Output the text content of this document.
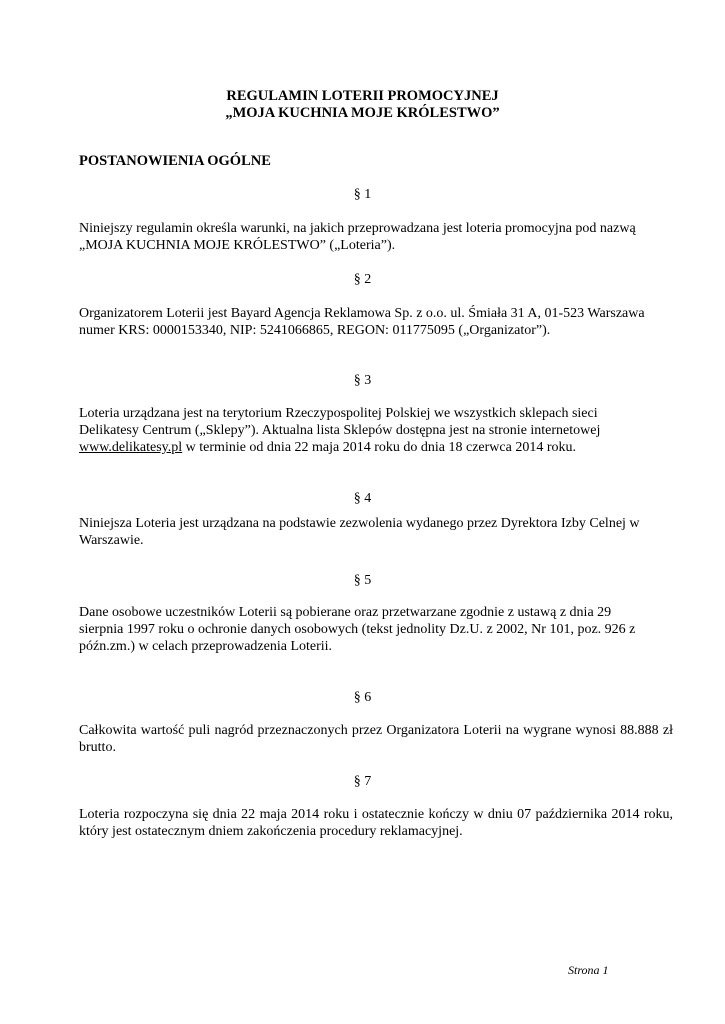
REGULAMIN LOTERII PROMOCYJNEJ
„MOJA KUCHNIA MOJE KRÓLESTWO”
POSTANOWIENIA OGÓLNE
§ 1

Niniejszy regulamin określa warunki, na jakich przeprowadzana jest loteria promocyjna pod nazwą

„MOJA KUCHNIA MOJE KRÓLESTWO” („Loteria”).

§ 2

Organizatorem Loterii jest Bayard Agencja Reklamowa Sp. z o.o. ul. Śmiała 31 A, 01-523 Warszawa

numer KRS: 0000153340, NIP: 5241066865, REGON: 011775095 („Organizator”).

§ 3

Loteria urządzana jest na terytorium Rzeczypospolitej Polskiej we wszystkich sklepach sieci

Delikatesy Centrum („Sklepy”). Aktualna lista Sklepów dostępna jest na stronie internetowej

www.delikatesy.pl w terminie od dnia 22 maja 2014 roku do dnia 18 czerwca 2014 roku.

§ 4

Niniejsza Loteria jest urządzana na podstawie zezwolenia wydanego przez Dyrektora Izby Celnej w

Warszawie.

§ 5

Dane osobowe uczestników Loterii są pobierane oraz przetwarzane zgodnie z ustawą z dnia 29

sierpnia 1997 roku o ochronie danych osobowych (tekst jednolity Dz.U. z 2002, Nr 101, poz. 926 z

późn.zm.) w celach przeprowadzenia Loterii.

§ 6

Całkowita wartość puli nagród przeznaczonych przez Organizatora Loterii na wygrane wynosi 88.888 zł brutto.

§ 7

Loteria rozpoczyna się dnia 22 maja 2014 roku i ostatecznie kończy w dniu 07 października 2014 roku, który jest ostatecznym dniem zakończenia procedury reklamacyjnej.

Strona 1
